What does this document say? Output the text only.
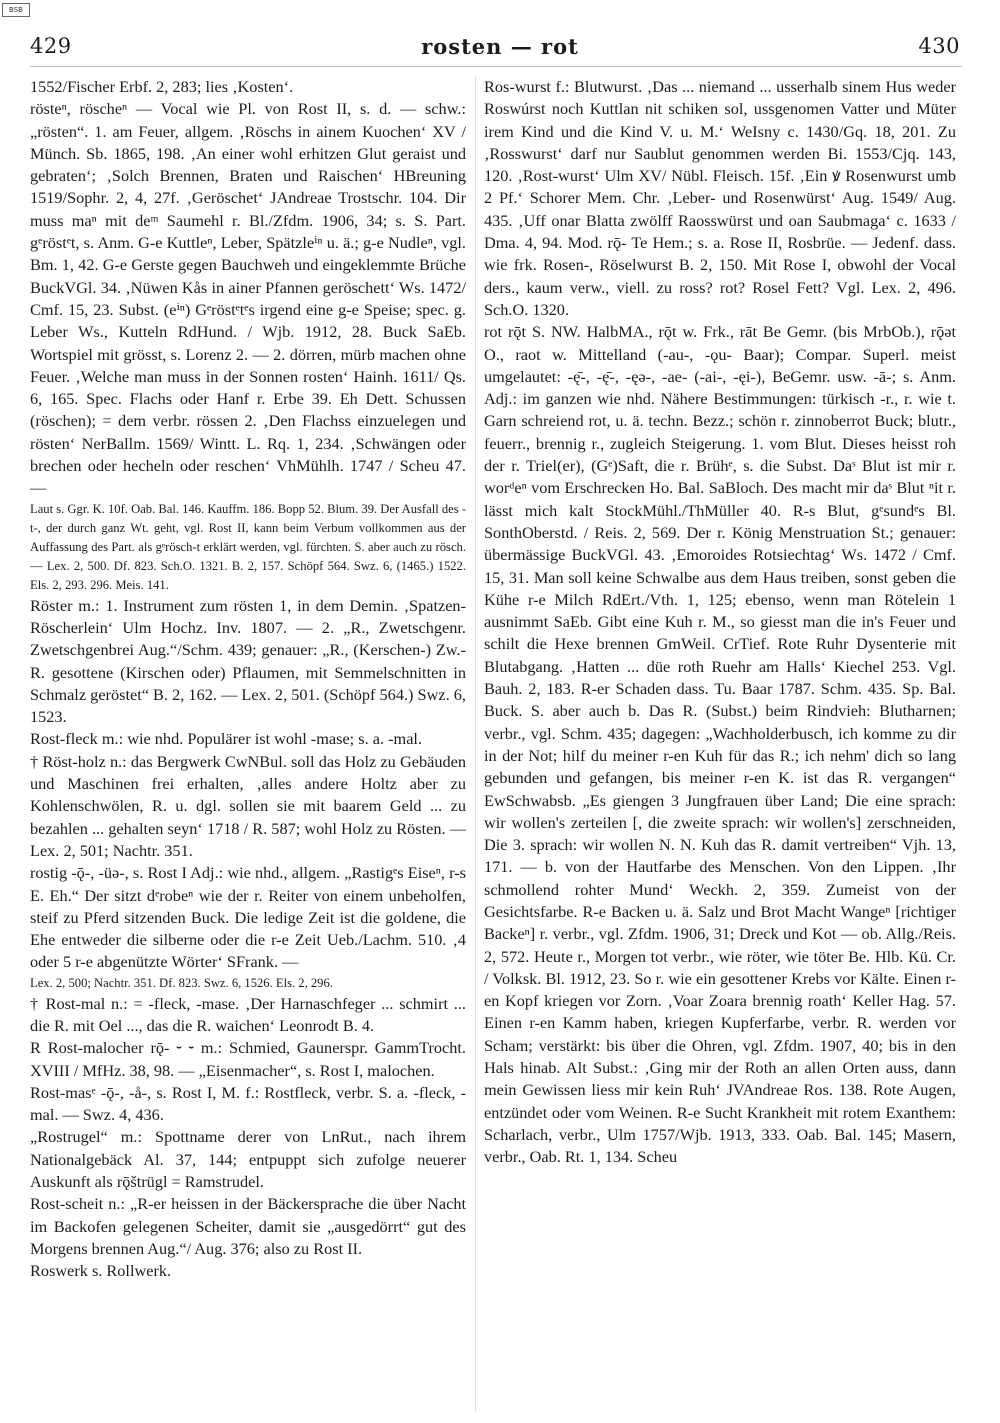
BSB
429	rosten — rot	430

1552/Fischer Erbf. 2, 283; lies ‚Kosten‘.

rösteⁿ, röscheⁿ — Vocal wie Pl. von Rost II, s. d. — schw.: „rösten“. 1. am Feuer, allgem. ‚Röschs in ainem Kuochen‘ XV / Münch. Sb. 1865, 198. ‚An einer wohl erhitzen Glut geraist und gebraten‘; ‚Solch Brennen, Braten und Raischen‘ HBreuning 1519/Sophr. 2, 4, 27f. ‚Geröschet‘ JAndreae Trostschr. 104. Dir muss maⁿ mit deᵐ Saumehl r. Bl./Zfdm. 1906, 34; s. S. Part. gᵉröstᵉt, s. Anm. G-e Kuttleⁿ, Leber, Spätzleⁱⁿ u. ä.; g-e Nudleⁿ, vgl. Bm. 1, 42. G-e Gerste gegen Bauchweh und eingeklemmte Brüche BuckVGl. 34. ‚Nüwen Kås in ainer Pfannen geröschett‘ Ws. 1472/ Cmf. 15, 23. Subst. (eⁱⁿ) Gᵉröstᵉtᵉs irgend eine g-e Speise; spec. g. Leber Ws., Kutteln RdHund. / Wjb. 1912, 28. Buck SaEb. Wortspiel mit grösst, s. Lorenz 2. — 2. dörren, mürb machen ohne Feuer. ‚Welche man muss in der Sonnen rosten‘ Hainh. 1611/ Qs. 6, 165. Spec. Flachs oder Hanf r. Erbe 39. Eh Dett. Schussen (röschen); = dem verbr. rössen 2. ‚Den Flachss einzuelegen und rösten‘ NerBallm. 1569/ Wintt. L. Rq. 1, 234. ‚Schwängen oder brechen oder hecheln oder reschen‘ VhMühlh. 1747 / Scheu 47. —

Laut s. Ggr. K. 10f. Oab. Bal. 146. Kauffm. 186. Bopp 52. Blum. 39. Der Ausfall des -t-, der durch ganz Wt. geht, vgl. Rost II, kann beim Verbum vollkommen aus der Auffassung des Part. als gᵉrösch-t erklärt werden, vgl. fürchten. S. aber auch zu rösch. — Lex. 2, 500. Df. 823. Sch.O. 1321. B. 2, 157. Schöpf 564. Swz. 6, (1465.) 1522. Els. 2, 293. 296. Meis. 141.

Röster m.: 1. Instrument zum rösten 1, in dem Demin. ‚Spatzen-Röscherlein‘ Ulm Hochz. Inv. 1807. — 2. „R., Zwetschgenr. Zwetschgenbrei Aug.“/Schm. 439; genauer: „R., (Kerschen-) Zw.-R. gesottene (Kirschen oder) Pflaumen, mit Semmelschnitten in Schmalz geröstet“ B. 2, 162. — Lex. 2, 501. (Schöpf 564.) Swz. 6, 1523.

Rost-fleck m.: wie nhd. Populärer ist wohl -mase; s. a. -mal.

† Röst-holz n.: das Bergwerk CwNBul. soll das Holz zu Gebäuden und Maschinen frei erhalten, ‚alles andere Holtz aber zu Kohlenschwölen, R. u. dgl. sollen sie mit baarem Geld ... zu bezahlen ... gehalten seyn‘ 1718 / R. 587; wohl Holz zu Rösten. — Lex. 2, 501; Nachtr. 351.

rostig -ǭ-, -üǝ-, s. Rost I Adj.: wie nhd., allgem. „Rastigᵉs Eiseⁿ, r-s E. Eh.“ Der sitzt dᵉrobeⁿ wie der r. Reiter von einem unbeholfen, steif zu Pferd sitzenden Buck. Die ledige Zeit ist die goldene, die Ehe entweder die silberne oder die r-e Zeit Ueb./Lachm. 510. ‚4 oder 5 r-e abgenützte Wörter‘ SFrank. —

Lex. 2, 500; Nachtr. 351. Df. 823. Swz. 6, 1526. Els. 2, 296.

† Rost-mal n.: = -fleck, -mase. ‚Der Harnaschfeger ... schmirt ... die R. mit Oel ..., das die R. waichen‘ Leonrodt B. 4.

R Rost-malocher rǭ- ⏑ ⏑ m.: Schmied, Gaunerspr. GammTrocht. XVIII / MfHz. 38, 98. — „Eisenmacher“, s. Rost I, malochen.

Rost-masᵉ -ǭ-, -å-, s. Rost I, M. f.: Rostfleck, verbr. S. a. -fleck, -mal. — Swz. 4, 436.

„Rostrugel“ m.: Spottname derer von LnRut., nach ihrem Nationalgebäck Al. 37, 144; entpuppt sich zufolge neuerer Auskunft als rǭštrügl = Ramstrudel.

Rost-scheit n.: „R-er heissen in der Bäckersprache die über Nacht im Backofen gelegenen Scheiter, damit sie „ausgedörrt“ gut des Morgens brennen Aug.“/ Aug. 376; also zu Rost II.

Roswerk s. Rollwerk.

Ros-wurst f.: Blutwurst. ‚Das ... niemand ... usserhalb sinem Hus weder Roswúrst noch Kuttlan nit schiken sol, ussgenomen Vatter und Müter irem Kind und die Kind V. u. M.‘ WeIsny c. 1430/Gq. 18, 201. Zu ‚Rosswurst‘ darf nur Saublut genommen werden Bi. 1553/Cjq. 143, 120. ‚Rost-wurst‘ Ulm XV/ Nübl. Fleisch. 15f. ‚Ein ꝟ Rosenwurst umb 2 Pf.‘ Schorer Mem. Chr. ‚Leber- und Rosenwürst‘ Aug. 1549/ Aug. 435. ‚Uff onar Blatta zwölff Raosswürst und oan Saubmaga‘ c. 1633 / Dma. 4, 94. Mod. rǭ- Te Hem.; s. a. Rose II, Rosbrüe. — Jedenf. dass. wie frk. Rosen-, Röselwurst B. 2, 150. Mit Rose I, obwohl der Vocal ders., kaum verw., viell. zu ross? rot? Rosel Fett? Vgl. Lex. 2, 496. Sch.O. 1320.

rot rǭt S. NW. HalbMA., rǭt w. Frk., rāt Be Gemr. (bis MrbOb.), rǭǝt O., raot w. Mittelland (-au-, -ǫu- Baar); Compar. Superl. meist umgelautet: -ę̄-, -ę̄-, -ęǝ-, -ae- (-ai-, -ęi-), BeGemr. usw. -ā-; s. Anm. Adj.: im ganzen wie nhd. Nähere Bestimmungen: türkisch -r., r. wie t. Garn schreiend rot, u. ä. techn. Bezz.; schön r. zinnoberrot Buck; blutr., feuerr., brennig r., zugleich Steigerung. 1. vom Blut. Dieses heisst roh der r. Triel(er), (Gᵉ)Saft, die r. Brühᵉ, s. die Subst. Daˢ Blut ist mir r. worᵈeⁿ vom Erschrecken Ho. Bal. SaBloch. Des macht mir daˢ Blut ⁿit r. lässt mich kalt StockMühl./ThMüller 40. R-s Blut, gᵉsundᵉs Bl. SonthOberstd. / Reis. 2, 569. Der r. König Menstruation St.; genauer: übermässige BuckVGl. 43. ‚Emoroides Rotsiechtag‘ Ws. 1472 / Cmf. 15, 31. Man soll keine Schwalbe aus dem Haus treiben, sonst geben die Kühe r-e Milch RdErt./Vth. 1, 125; ebenso, wenn man Rötelein 1 ausnimmt SaEb. Gibt eine Kuh r. M., so giesst man die in's Feuer und schilt die Hexe brennen GmWeil. CrTief. Rote Ruhr Dysenterie mit Blutabgang. ‚Hatten ... düe roth Ruehr am Halls‘ Kiechel 253. Vgl. Bauh. 2, 183. R-er Schaden dass. Tu. Baar 1787. Schm. 435. Sp. Bal. Buck. S. aber auch b. Das R. (Subst.) beim Rindvieh: Blutharnen; verbr., vgl. Schm. 435; dagegen: „Wachholderbusch, ich komme zu dir in der Not; hilf du meiner r-en Kuh für das R.; ich nehm' dich so lang gebunden und gefangen, bis meiner r-en K. ist das R. vergangen“ EwSchwabsb. „Es giengen 3 Jungfrauen über Land; Die eine sprach: wir wollen's zerteilen [, die zweite sprach: wir wollen's] zerschneiden, Die 3. sprach: wir wollen N. N. Kuh das R. damit vertreiben“ Vjh. 13, 171. — b. von der Hautfarbe des Menschen. Von den Lippen. ‚Ihr schmollend rohter Mund‘ Weckh. 2, 359. Zumeist von der Gesichtsfarbe. R-e Backen u. ä. Salz und Brot Macht Wangeⁿ [richtiger Backeⁿ] r. verbr., vgl. Zfdm. 1906, 31; Dreck und Kot — ob. Allg./Reis. 2, 572. Heute r., Morgen tot verbr., wie röter, wie töter Be. Hlb. Kü. Cr. / Volksk. Bl. 1912, 23. So r. wie ein gesottener Krebs vor Kälte. Einen r-en Kopf kriegen vor Zorn. ‚Voar Zoara brennig roath‘ Keller Hag. 57. Einen r-en Kamm haben, kriegen Kupferfarbe, verbr. R. werden vor Scham; verstärkt: bis über die Ohren, vgl. Zfdm. 1907, 40; bis in den Hals hinab. Alt Subst.: ‚Ging mir der Roth an allen Orten auss, dann mein Gewissen liess mir kein Ruh‘ JVAndreae Ros. 138. Rote Augen, entzündet oder vom Weinen. R-e Sucht Krankheit mit rotem Exanthem: Scharlach, verbr., Ulm 1757/Wjb. 1913, 333. Oab. Bal. 145; Masern, verbr., Oab. Rt. 1, 134. Scheu
